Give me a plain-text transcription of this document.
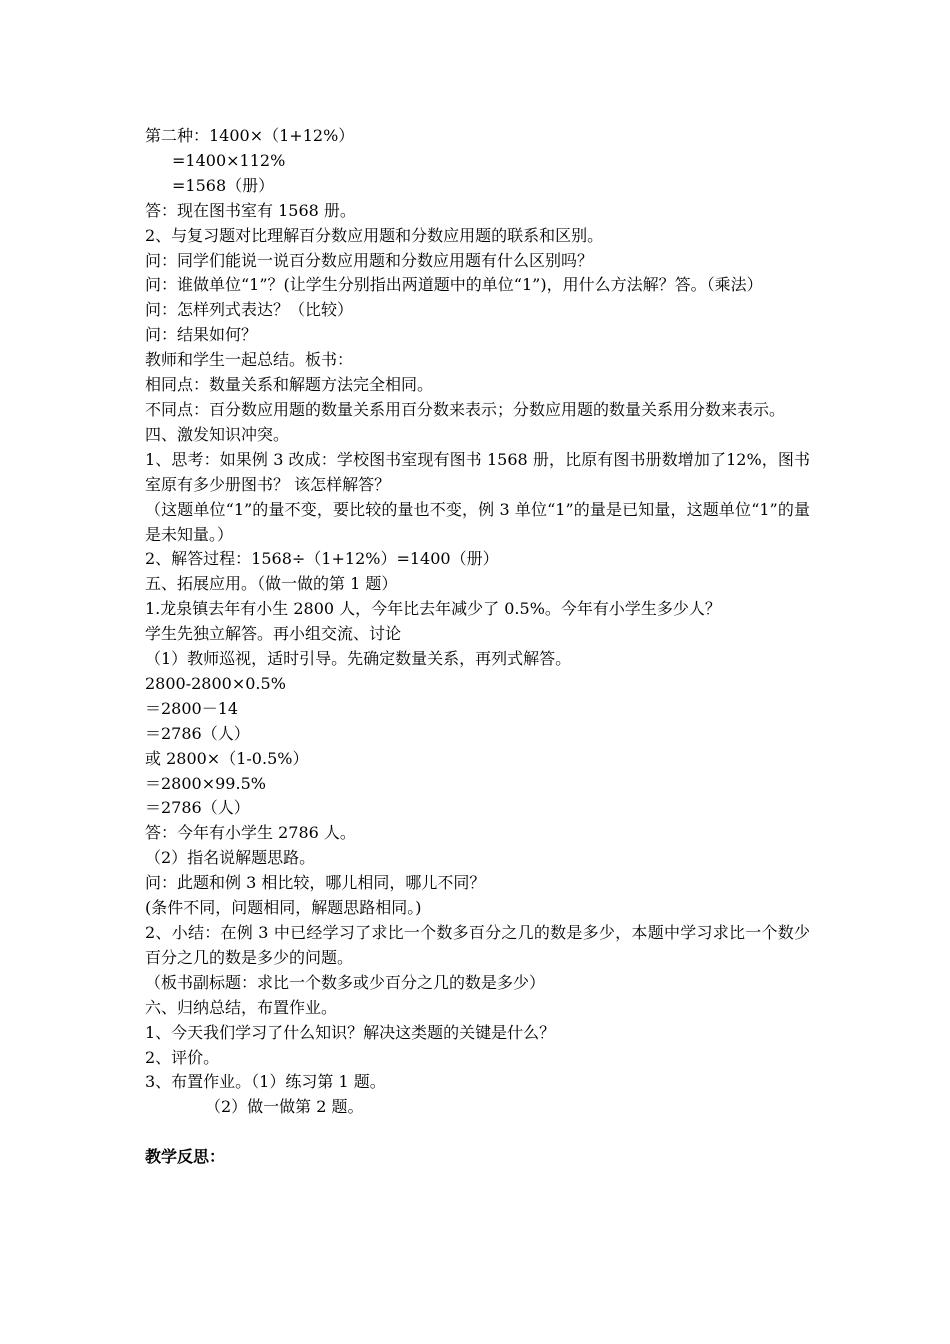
第二种：1400×（1+12%）
=1400×112%
=1568（册）
答：现在图书室有 1568 册。
2、与复习题对比理解百分数应用题和分数应用题的联系和区别。
问：同学们能说一说百分数应用题和分数应用题有什么区别吗？
问：谁做单位“1”？(让学生分别指出两道题中的单位“1”)，用什么方法解？答。（乘法）
问：怎样列式表达？（比较）
问：结果如何？
教师和学生一起总结。板书：
相同点：数量关系和解题方法完全相同。
不同点：百分数应用题的数量关系用百分数来表示；分数应用题的数量关系用分数来表示。
四、激发知识冲突。
1、思考：如果例 3 改成：学校图书室现有图书 1568 册，比原有图书册数增加了12%，图书室原有多少册图书？ 该怎样解答？
（这题单位“1”的量不变，要比较的量也不变，例 3 单位“1”的量是已知量，这题单位“1”的量是未知量。）
2、解答过程：1568÷（1+12%）=1400（册）
五、拓展应用。（做一做的第 1 题）
1.龙泉镇去年有小生 2800 人，今年比去年减少了 0.5%。今年有小学生多少人？
学生先独立解答。再小组交流、讨论
（1）教师巡视，适时引导。先确定数量关系，再列式解答。
2800-2800×0.5%
＝2800－14
＝2786（人）
或 2800×（1-0.5%）
＝2800×99.5%
＝2786（人）
答：今年有小学生 2786 人。
（2）指名说解题思路。
问：此题和例 3 相比较，哪儿相同，哪儿不同？
(条件不同，问题相同，解题思路相同。)
2、小结：在例 3 中已经学习了求比一个数多百分之几的数是多少，本题中学习求比一个数少百分之几的数是多少的问题。
（板书副标题：求比一个数多或少百分之几的数是多少）
六、归纳总结，布置作业。
1、今天我们学习了什么知识？解决这类题的关键是什么？
2、评价。
3、布置作业。（1）练习第 1 题。
（2）做一做第 2 题。
教学反思：
